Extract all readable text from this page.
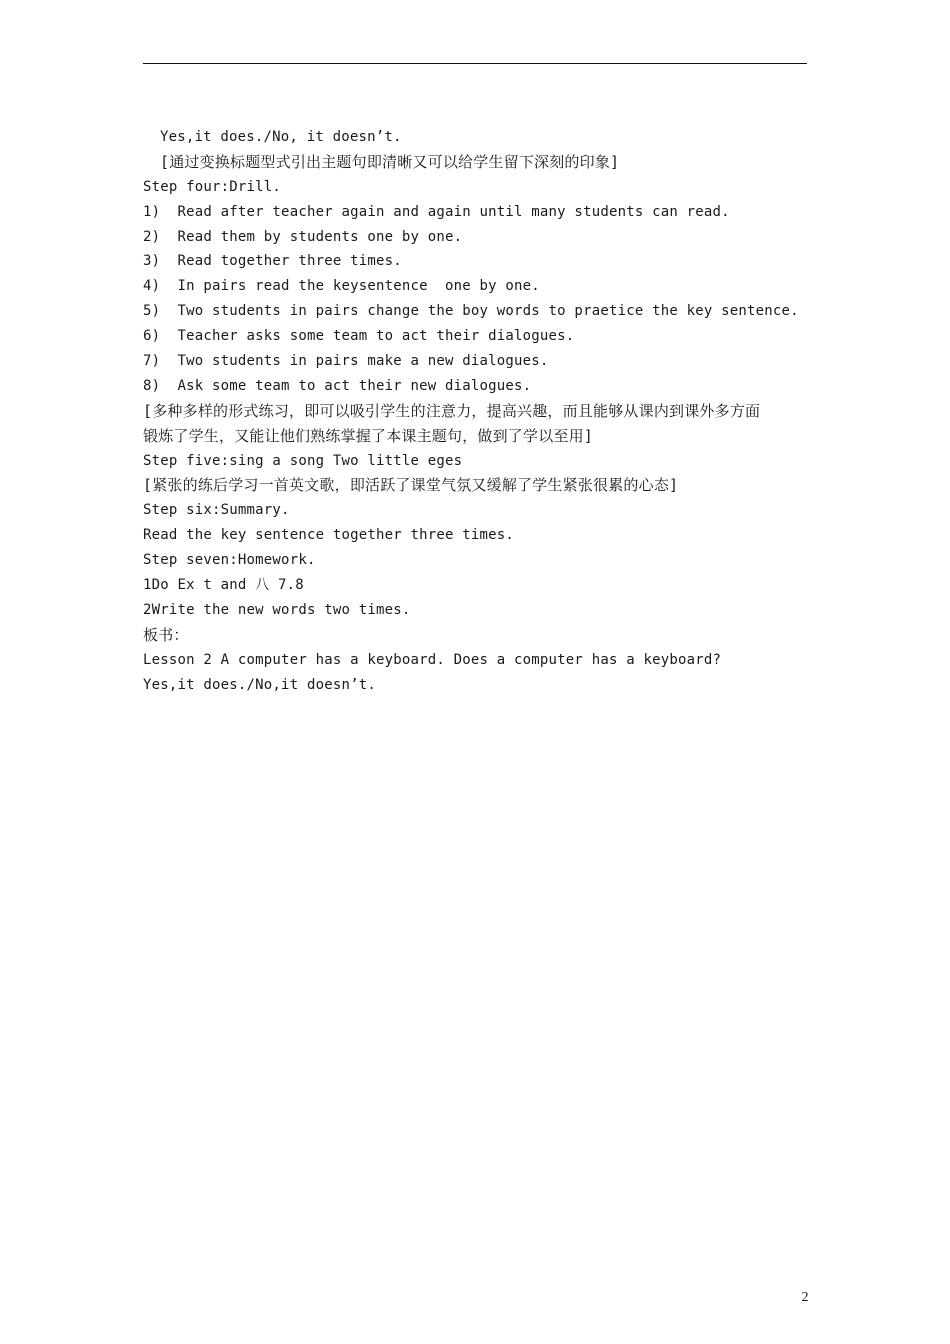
Yes,it does./No, it doesn’t.
[通过变换标题型式引出主题句即清晰又可以给学生留下深刻的印象]
Step four:Drill.
1)  Read after teacher again and again until many students can read.
2)  Read them by students one by one.
3)  Read together three times.
4)  In pairs read the keysentence  one by one.
5)  Two students in pairs change the boy words to praetice the key sentence.
6)  Teacher asks some team to act their dialogues.
7)  Two students in pairs make a new dialogues.
8)  Ask some team to act their new dialogues.
[多种多样的形式练习，即可以吸引学生的注意力，提高兴趣，而且能够从课内到课外多方面
锻炼了学生，又能让他们熟练掌握了本课主题句，做到了学以至用]
Step five:sing a song Two little eges
[紧张的练后学习一首英文歌，即活跃了课堂气氛又缓解了学生紧张很累的心态]
Step six:Summary.
Read the key sentence together three times.
Step seven:Homework.
1Do Ex t and 八 7.8
2Write the new words two times.
板书：
Lesson 2 A computer has a keyboard. Does a computer has a keyboard?
Yes,it does./No,it doesn’t.
2
